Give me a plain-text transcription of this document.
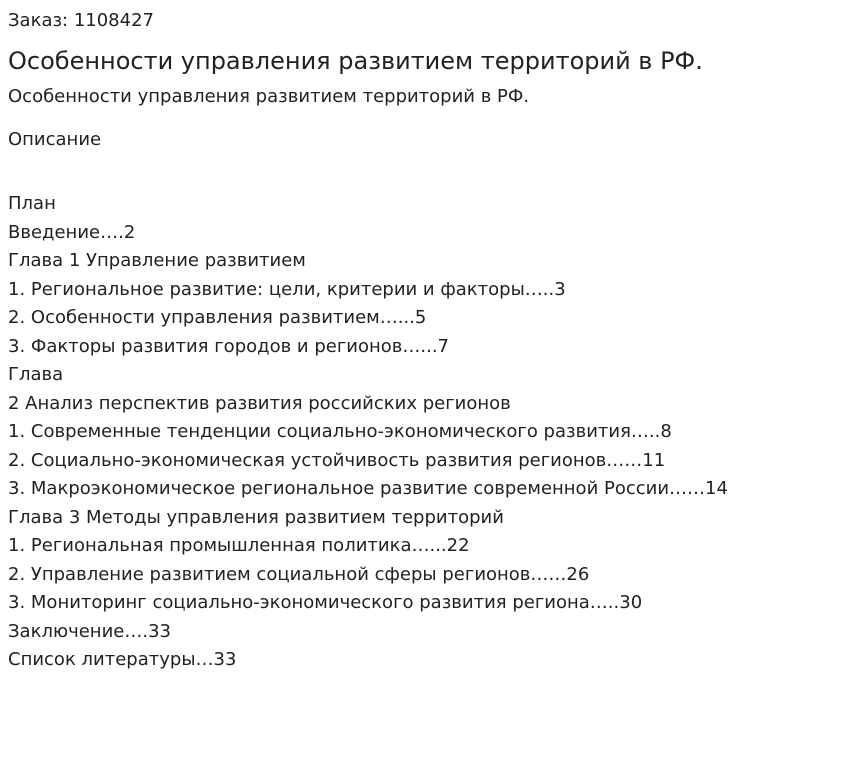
Заказ: 1108427
Особенности управления развитием территорий в РФ.
Особенности управления развитием территорий в РФ.
Описание
План
Введение….2
Глава 1 Управление развитием
1. Региональное развитие: цели, критерии и факторы…..3
2. Особенности управления развитием…...5
3. Факторы развития городов и регионов…...7
Глава
2 Анализ перспектив развития российских регионов
1. Современные тенденции социально-экономического развития…..8
2. Социально-экономическая устойчивость развития регионов……11
3. Макроэкономическое региональное развитие современной России……14
Глава 3 Методы управления развитием территорий
1. Региональная промышленная политика…...22
2. Управление развитием социальной сферы регионов……26
3. Мониторинг социально-экономического развития региона…..30
Заключение….33
Список литературы…33
